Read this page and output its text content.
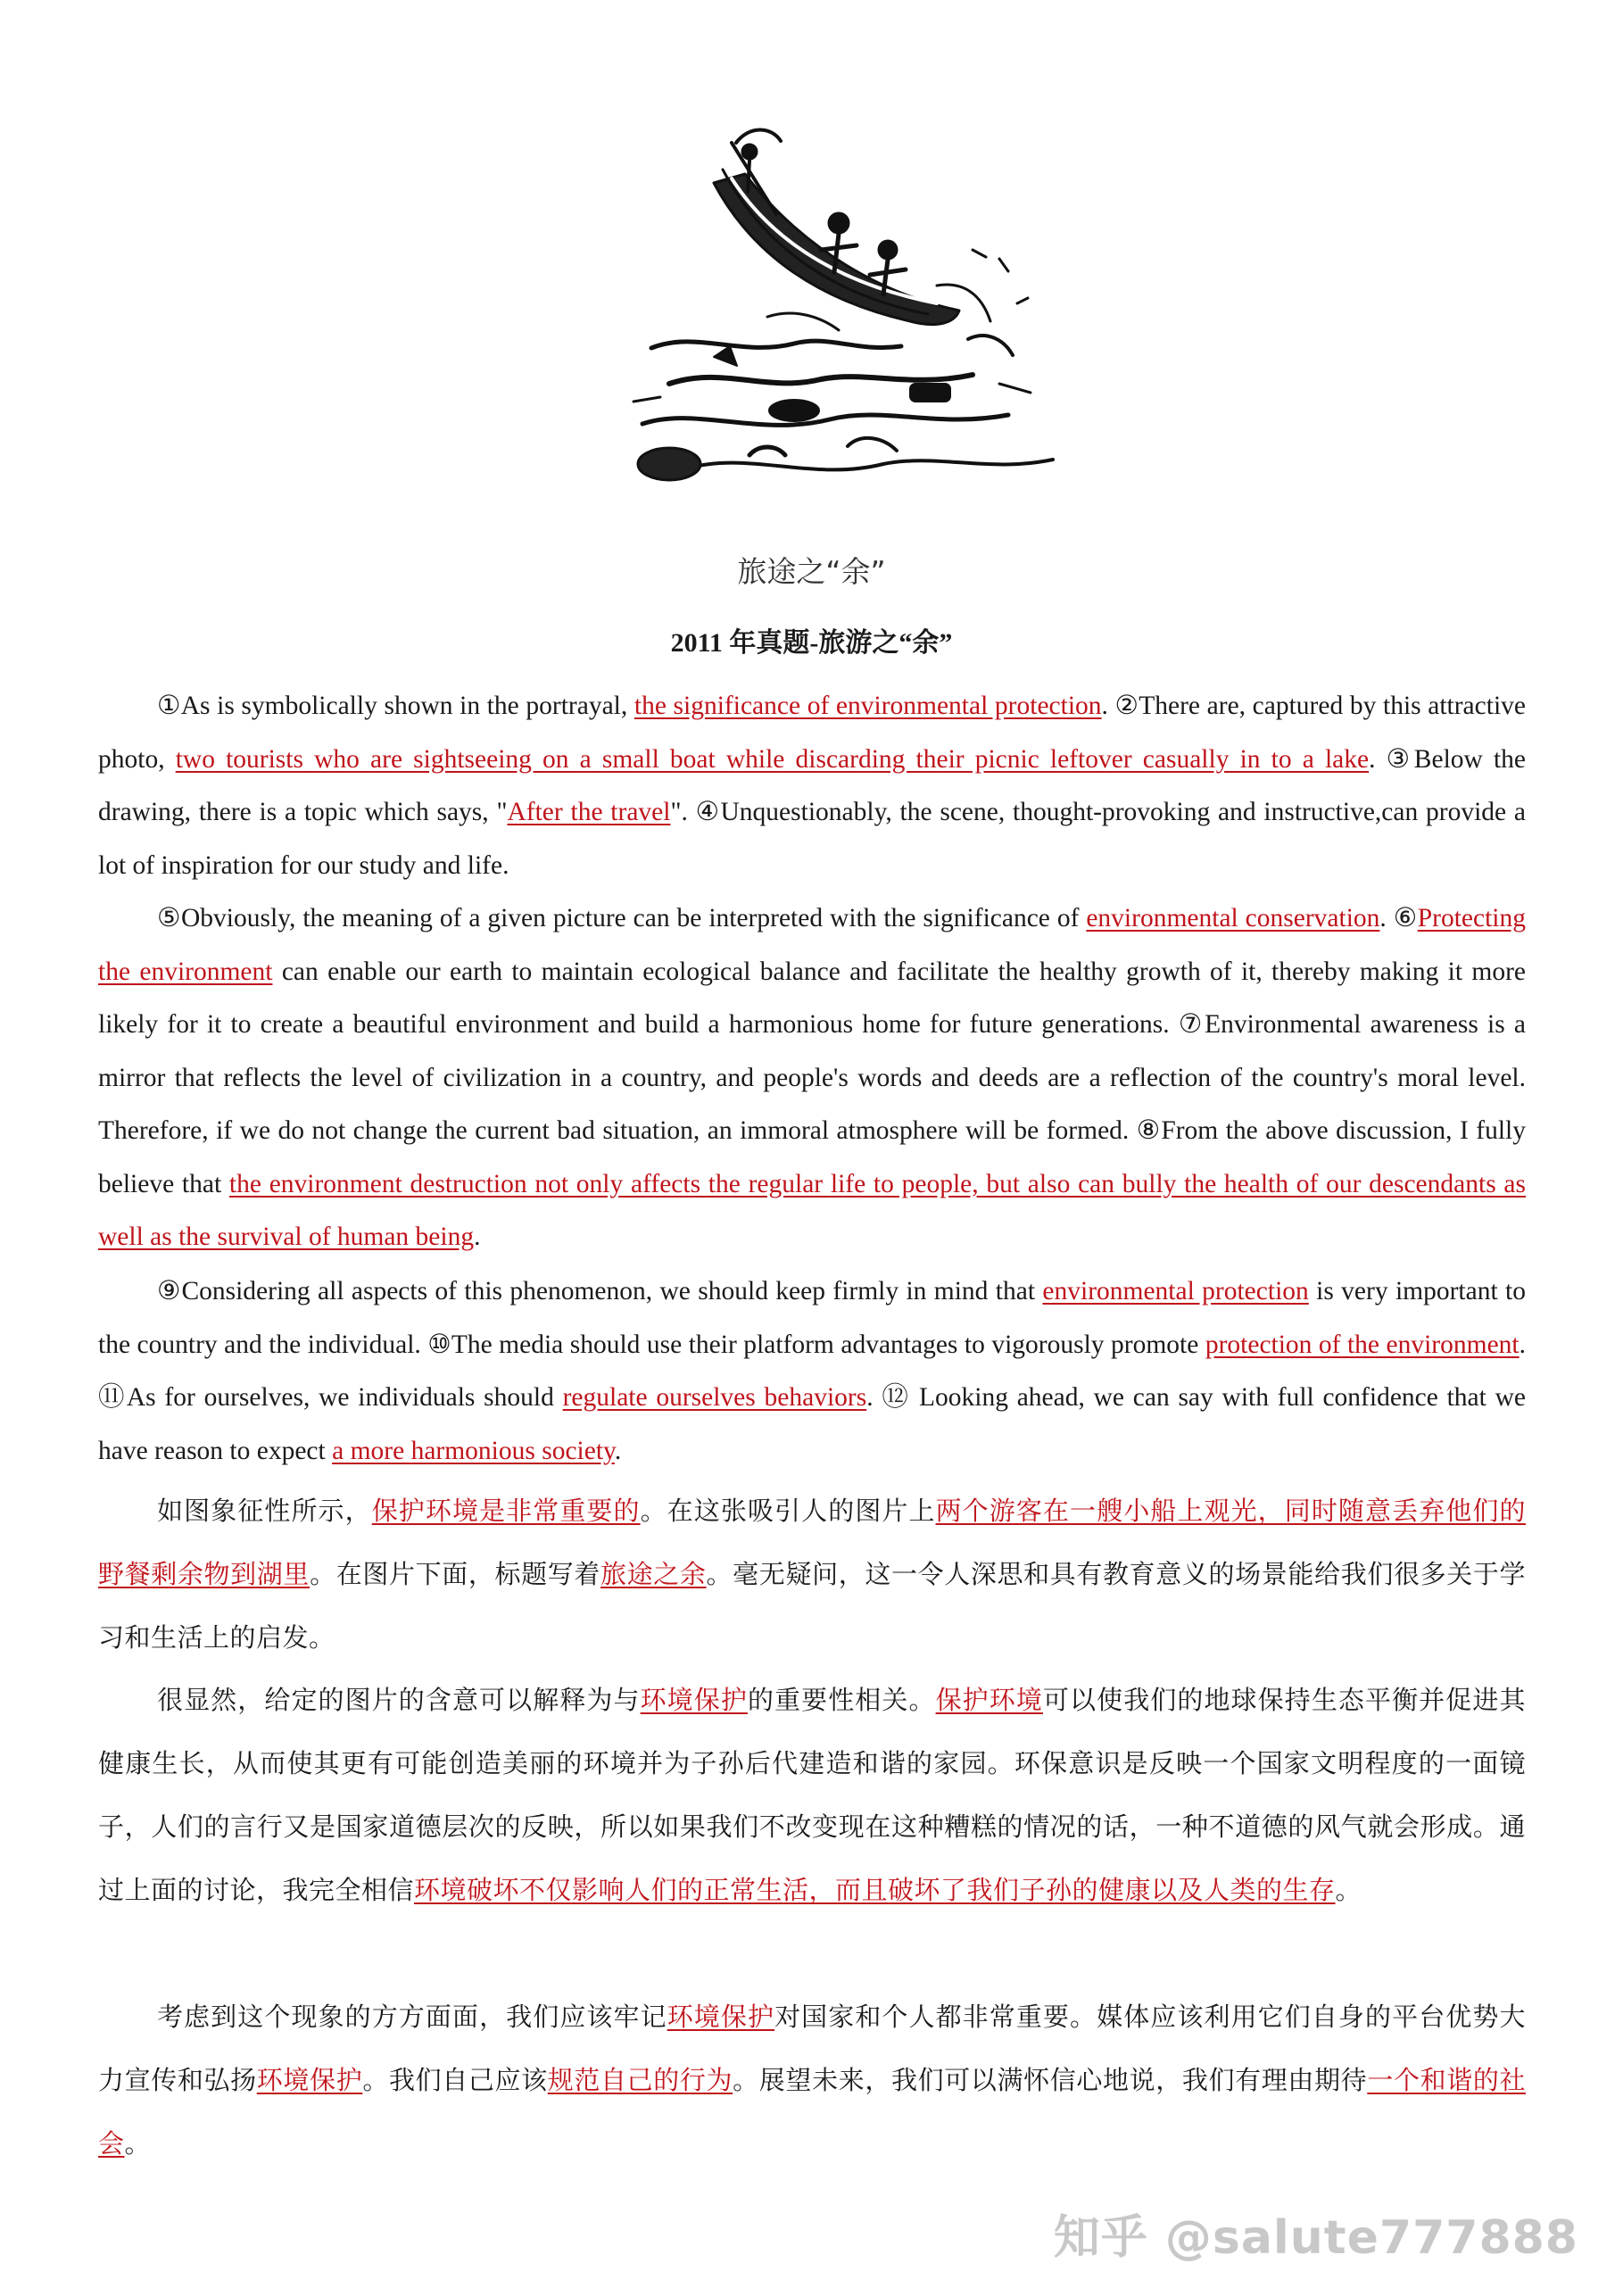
旅途之“余”
2011 年真题-旅游之“余”

①As is symbolically shown in the portrayal, the significance of environmental protection. ②There are, captured by this attractive photo, two tourists who are sightseeing on a small boat while discarding their picnic leftover casually in to a lake. ③Below the drawing, there is a topic which says, "After the travel". ④Unquestionably, the scene, thought-provoking and instructive,can provide a lot of inspiration for our study and life.

⑤Obviously, the meaning of a given picture can be interpreted with the significance of environmental conservation. ⑥Protecting the environment can enable our earth to maintain ecological balance and facilitate the healthy growth of it, thereby making it more likely for it to create a beautiful environment and build a harmonious home for future generations. ⑦Environmental awareness is a mirror that reflects the level of civilization in a country, and people's words and deeds are a reflection of the country's moral level. Therefore, if we do not change the current bad situation, an immoral atmosphere will be formed. ⑧From the above discussion, I fully believe that the environment destruction not only affects the regular life to people, but also can bully the health of our descendants as well as the survival of human being.

⑨Considering all aspects of this phenomenon, we should keep firmly in mind that environmental protection is very important to the country and the individual. ⑩The media should use their platform advantages to vigorously promote protection of the environment. ⑪As for ourselves, we individuals should regulate ourselves behaviors. ⑫ Looking ahead, we can say with full confidence that we have reason to expect a more harmonious society.

如图象征性所示，保护环境是非常重要的。在这张吸引人的图片上两个游客在一艘小船上观光，同时随意丢弃他们的野餐剩余物到湖里。在图片下面，标题写着旅途之余。毫无疑问，这一令人深思和具有教育意义的场景能给我们很多关于学习和生活上的启发。

很显然，给定的图片的含意可以解释为与环境保护的重要性相关。保护环境可以使我们的地球保持生态平衡并促进其健康生长，从而使其更有可能创造美丽的环境并为子孙后代建造和谐的家园。环保意识是反映一个国家文明程度的一面镜子，人们的言行又是国家道德层次的反映，所以如果我们不改变现在这种糟糕的情况的话，一种不道德的风气就会形成。通过上面的讨论，我完全相信环境破坏不仅影响人们的正常生活，而且破坏了我们子孙的健康以及人类的生存。

考虑到这个现象的方方面面，我们应该牢记环境保护对国家和个人都非常重要。媒体应该利用它们自身的平台优势大力宣传和弘扬环境保护。我们自己应该规范自己的行为。展望未来，我们可以满怀信心地说，我们有理由期待一个和谐的社会。

知乎 @salute777888
